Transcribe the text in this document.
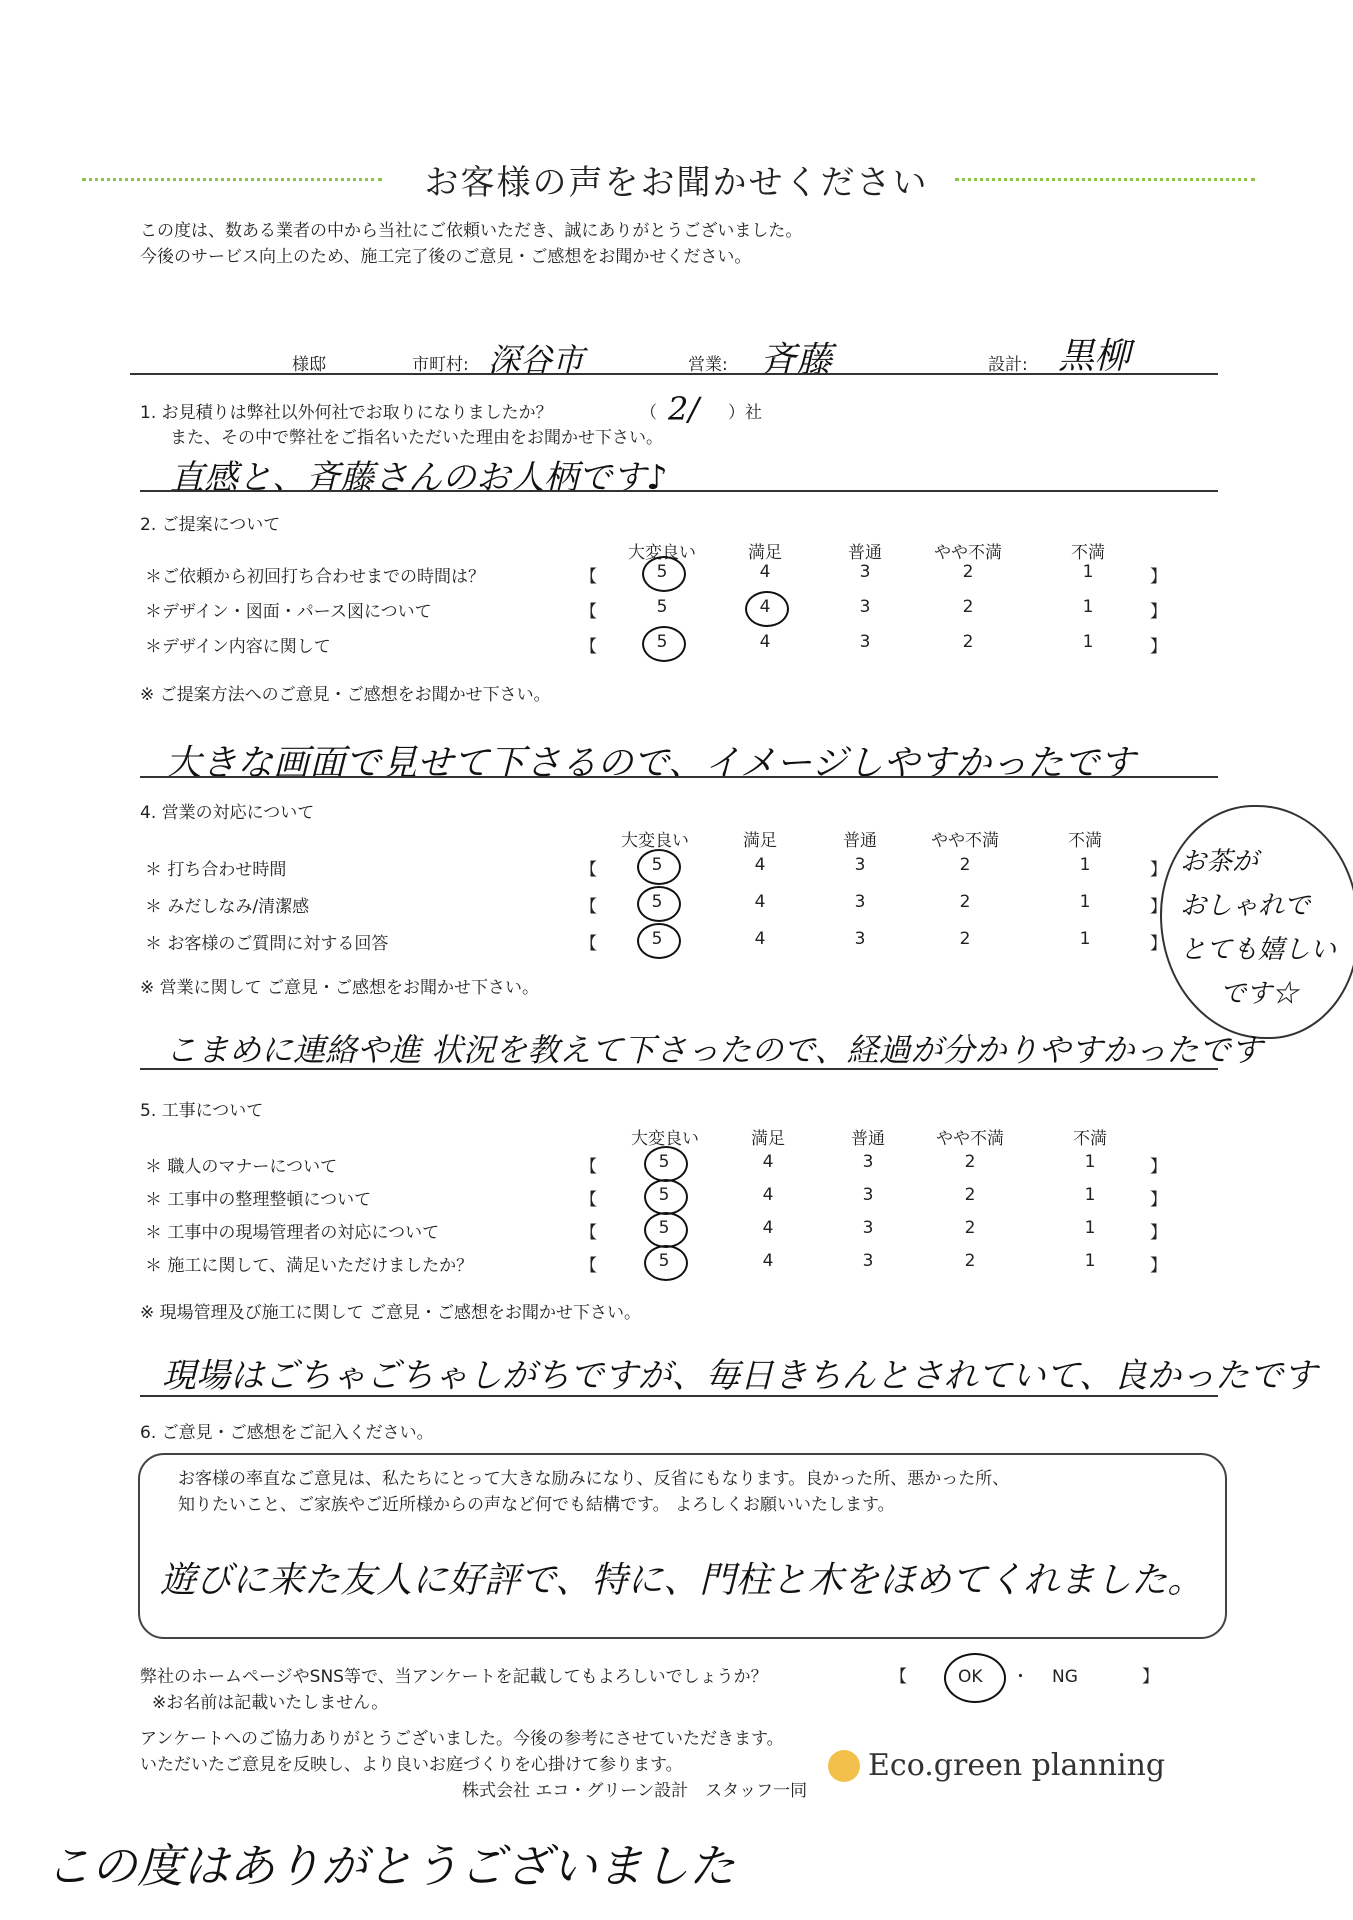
お客様の声をお聞かせください
この度は、数ある業者の中から当社にご依頼いただき、誠にありがとうございました。
今後のサービス向上のため、施工完了後のご意見・ご感想をお聞かせください。
様邸	市町村: 深谷市	営業: 斉藤	設計: 黒柳
1. お見積りは弊社以外何社でお取りになりましたか？	（ 2/ ）社
また、その中で弊社をご指名いただいた理由をお聞かせ下さい。
直感と、斉藤さんのお人柄です♪
2. ご提案について
大変良い	満足	普通	やや不満	不満
＊ご依頼から初回打ち合わせまでの時間は？	【	5	4	3	2	1	】
＊デザイン・図面・パース図について	【	5	4	3	2	1	】
＊デザイン内容に関して	【	5	4	3	2	1	】
※ ご提案方法へのご意見・ご感想をお聞かせ下さい。
大きな画面で見せて下さるので、イメージしやすかったです
4. 営業の対応について
大変良い	満足	普通	やや不満	不満
＊ 打ち合わせ時間	【	5	4	3	2	1	】
＊ みだしなみ/清潔感	【	5	4	3	2	1	】
＊ お客様のご質問に対する回答	【	5	4	3	2	1	】
お茶が
おしゃれで
とても嬉しい
です☆
※ 営業に関して ご意見・ご感想をお聞かせ下さい。
こまめに連絡や進 状況を教えて下さったので、経過が分かりやすかったです
5. 工事について
大変良い	満足	普通	やや不満	不満
＊ 職人のマナーについて	【	5	4	3	2	1	】
＊ 工事中の整理整頓について	【	5	4	3	2	1	】
＊ 工事中の現場管理者の対応について	【	5	4	3	2	1	】
＊ 施工に関して、満足いただけましたか？	【	5	4	3	2	1	】
※ 現場管理及び施工に関して ご意見・ご感想をお聞かせ下さい。
現場はごちゃごちゃしがちですが、毎日きちんとされていて、良かったです
6. ご意見・ご感想をご記入ください。
お客様の率直なご意見は、私たちにとって大きな励みになり、反省にもなります。良かった所、悪かった所、
知りたいこと、ご家族やご近所様からの声など何でも結構です。 よろしくお願いいたします。
遊びに来た友人に好評で、特に、門柱と木をほめてくれました。
弊社のホームページやSNS等で、当アンケートを記載してもよろしいでしょうか？
※お名前は記載いたしません。
【	OK ・ NG	】
アンケートへのご協力ありがとうございました。今後の参考にさせていただきます。
いただいたご意見を反映し、より良いお庭づくりを心掛けて参ります。
株式会社 エコ・グリーン設計　スタッフ一同
Eco.green planning
この度はありがとうございました
